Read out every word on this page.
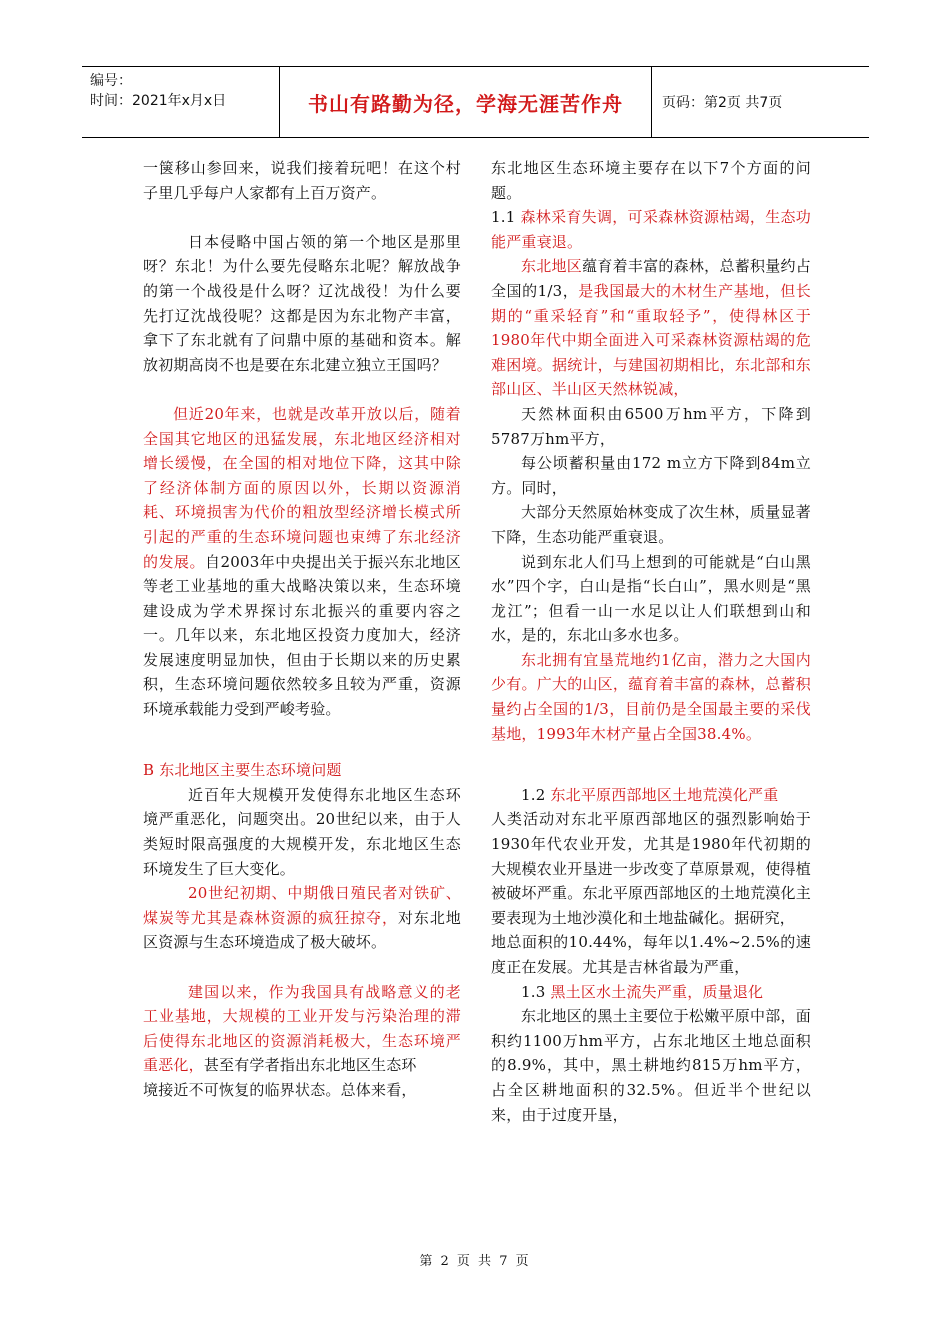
编号：
时间：2021年x月x日	书山有路勤为径，学海无涯苦作舟	页码：第2页 共7页

一箧移山参回来，说我们接着玩吧！在这个村子里几乎每户人家都有上百万资产。

日本侵略中国占领的第一个地区是那里呀？东北！为什么要先侵略东北呢？解放战争的第一个战役是什么呀？辽沈战役！为什么要先打辽沈战役呢？这都是因为东北物产丰富，拿下了东北就有了问鼎中原的基础和资本。解放初期高岗不也是要在东北建立独立王国吗？

但近20年来，也就是改革开放以后，随着全国其它地区的迅猛发展，东北地区经济相对增长缓慢，在全国的相对地位下降，这其中除了经济体制方面的原因以外，长期以资源消耗、环境损害为代价的粗放型经济增长模式所引起的严重的生态环境问题也束缚了东北经济的发展。自2003年中央提出关于振兴东北地区等老工业基地的重大战略决策以来，生态环境建设成为学术界探讨东北振兴的重要内容之一。几年以来，东北地区投资力度加大，经济发展速度明显加快，但由于长期以来的历史累积，生态环境问题依然较多且较为严重，资源环境承载能力受到严峻考验。

B 东北地区主要生态环境问题

近百年大规模开发使得东北地区生态环境严重恶化，问题突出。20世纪以来，由于人类短时限高强度的大规模开发，东北地区生态环境发生了巨大变化。

20世纪初期、中期俄日殖民者对铁矿、煤炭等尤其是森林资源的疯狂掠夺，对东北地区资源与生态环境造成了极大破坏。

建国以来，作为我国具有战略意义的老工业基地，大规模的工业开发与污染治理的滞后使得东北地区的资源消耗极大，生态环境严重恶化，甚至有学者指出东北地区生态环

境接近不可恢复的临界状态。总体来看，

东北地区生态环境主要存在以下7个方面的问题。

1.1 森林采育失调，可采森林资源枯竭，生态功能严重衰退。

东北地区蕴育着丰富的森林，总蓄积量约占全国的1/3，是我国最大的木材生产基地，但长期的“重采轻育”和“重取轻予”，使得林区于1980年代中期全面进入可采森林资源枯竭的危难困境。据统计，与建国初期相比，东北部和东部山区、半山区天然林锐减，

天然林面积由6500万hm平方，下降到5787万hm平方，

每公顷蓄积量由172 m立方下降到84m立方。同时，

大部分天然原始林变成了次生林，质量显著下降，生态功能严重衰退。

说到东北人们马上想到的可能就是“白山黑水”四个字，白山是指“长白山”，黑水则是“黑龙江”；但看一山一水足以让人们联想到山和水，是的，东北山多水也多。

东北拥有宜垦荒地约1亿亩，潜力之大国内少有。广大的山区，蕴育着丰富的森林，总蓄积量约占全国的1/3，目前仍是全国最主要的采伐基地，1993年木材产量占全国38.4%。

1.2 东北平原西部地区土地荒漠化严重

人类活动对东北平原西部地区的强烈影响始于1930年代农业开发，尤其是1980年代初期的大规模农业开垦进一步改变了草原景观，使得植被破坏严重。东北平原西部地区的土地荒漠化主要表现为土地沙漠化和土地盐碱化。据研究，

地总面积的10.44%，每年以1.4%~2.5%的速度正在发展。尤其是吉林省最为严重，

1.3 黑土区水土流失严重，质量退化

东北地区的黑土主要位于松嫩平原中部，面积约1100万hm平方，占东北地区土地总面积的8.9%，其中，黑土耕地约815万hm平方，占全区耕地面积的32.5%。但近半个世纪以来，由于过度开垦，

第 2 页 共 7 页
